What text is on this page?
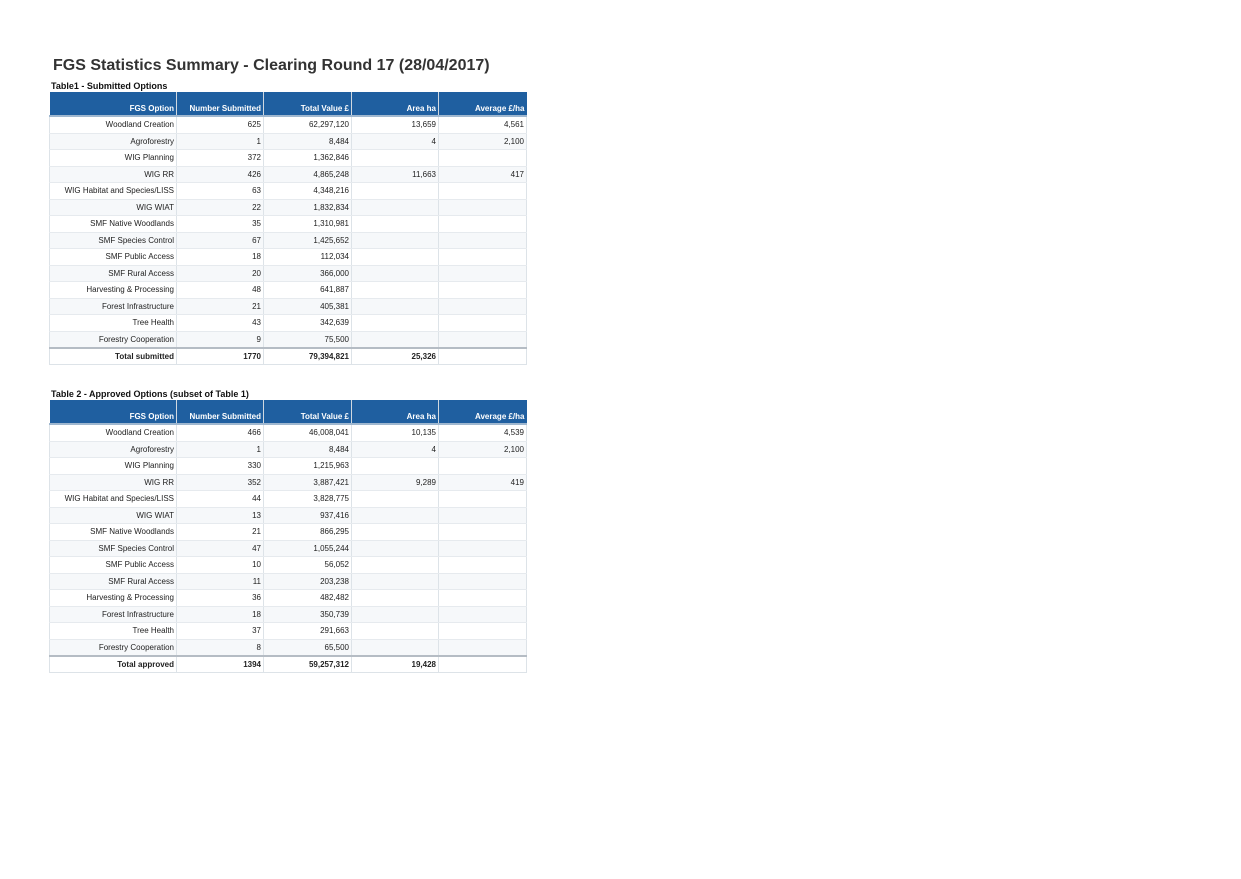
FGS Statistics Summary - Clearing Round 17 (28/04/2017)
Table1 - Submitted Options
FGS Option	Number Submitted	Total Value £	Area ha	Average £/ha
Woodland Creation	625	62,297,120	13,659	4,561
Agroforestry	1	8,484	4	2,100
WIG Planning	372	1,362,846		
WIG RR	426	4,865,248	11,663	417
WIG Habitat and Species/LISS	63	4,348,216		
WIG WIAT	22	1,832,834		
SMF Native Woodlands	35	1,310,981		
SMF Species Control	67	1,425,652		
SMF Public Access	18	112,034		
SMF Rural Access	20	366,000		
Harvesting & Processing	48	641,887		
Forest Infrastructure	21	405,381		
Tree Health	43	342,639		
Forestry Cooperation	9	75,500		
Total submitted	1770	79,394,821	25,326	
Table 2 - Approved Options (subset of Table 1)
FGS Option	Number Submitted	Total Value £	Area ha	Average £/ha
Woodland Creation	466	46,008,041	10,135	4,539
Agroforestry	1	8,484	4	2,100
WIG Planning	330	1,215,963		
WIG RR	352	3,887,421	9,289	419
WIG Habitat and Species/LISS	44	3,828,775		
WIG WIAT	13	937,416		
SMF Native Woodlands	21	866,295		
SMF Species Control	47	1,055,244		
SMF Public Access	10	56,052		
SMF Rural Access	11	203,238		
Harvesting & Processing	36	482,482		
Forest Infrastructure	18	350,739		
Tree Health	37	291,663		
Forestry Cooperation	8	65,500		
Total approved	1394	59,257,312	19,428	
